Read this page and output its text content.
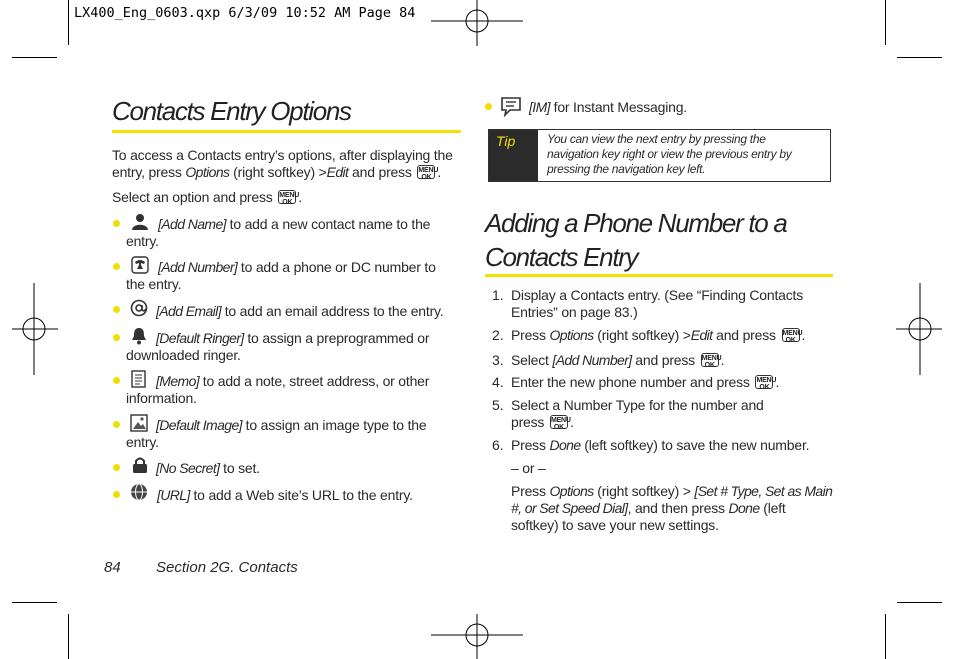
LX400_Eng_0603.qxp 6/3/09 10:52 AM Page 84
Contacts Entry Options
To access a Contacts entry’s options, after displaying the
entry, press Options (right softkey) >Edit and press MENU
OK .
Select an option and press MENU
OK .
[Add Name] to add a new contact name to the
entry.
[Add Number] to add a phone or DC number to
the entry.
[Add Email] to add an email address to the entry.
[Default Ringer] to assign a preprogrammed or
downloaded ringer.
[Memo] to add a note, street address, or other
information.
[Default Image] to assign an image type to the
entry.
[No Secret] to set.
[URL] to add a Web site’s URL to the entry.
[IM] for Instant Messaging.
Tip	You can view the next entry by pressing the navigation key right or view the previous entry by pressing the navigation key left.
Adding a Phone Number to a
Contacts Entry
1. Display a Contacts entry. (See “Finding Contacts
Entries” on page 83.)
2. Press Options (right softkey) >Edit and press MENU
OK .
3. Select [Add Number] and press MENU
OK .
4. Enter the new phone number and press MENU
OK .
5. Select a Number Type for the number and
press MENU
OK .
6. Press Done (left softkey) to save the new number.
– or –
Press Options (right softkey) > [Set # Type, Set as Main
#, or Set Speed Dial], and then press Done (left
softkey) to save your new settings.
84 Section 2G. Contacts
